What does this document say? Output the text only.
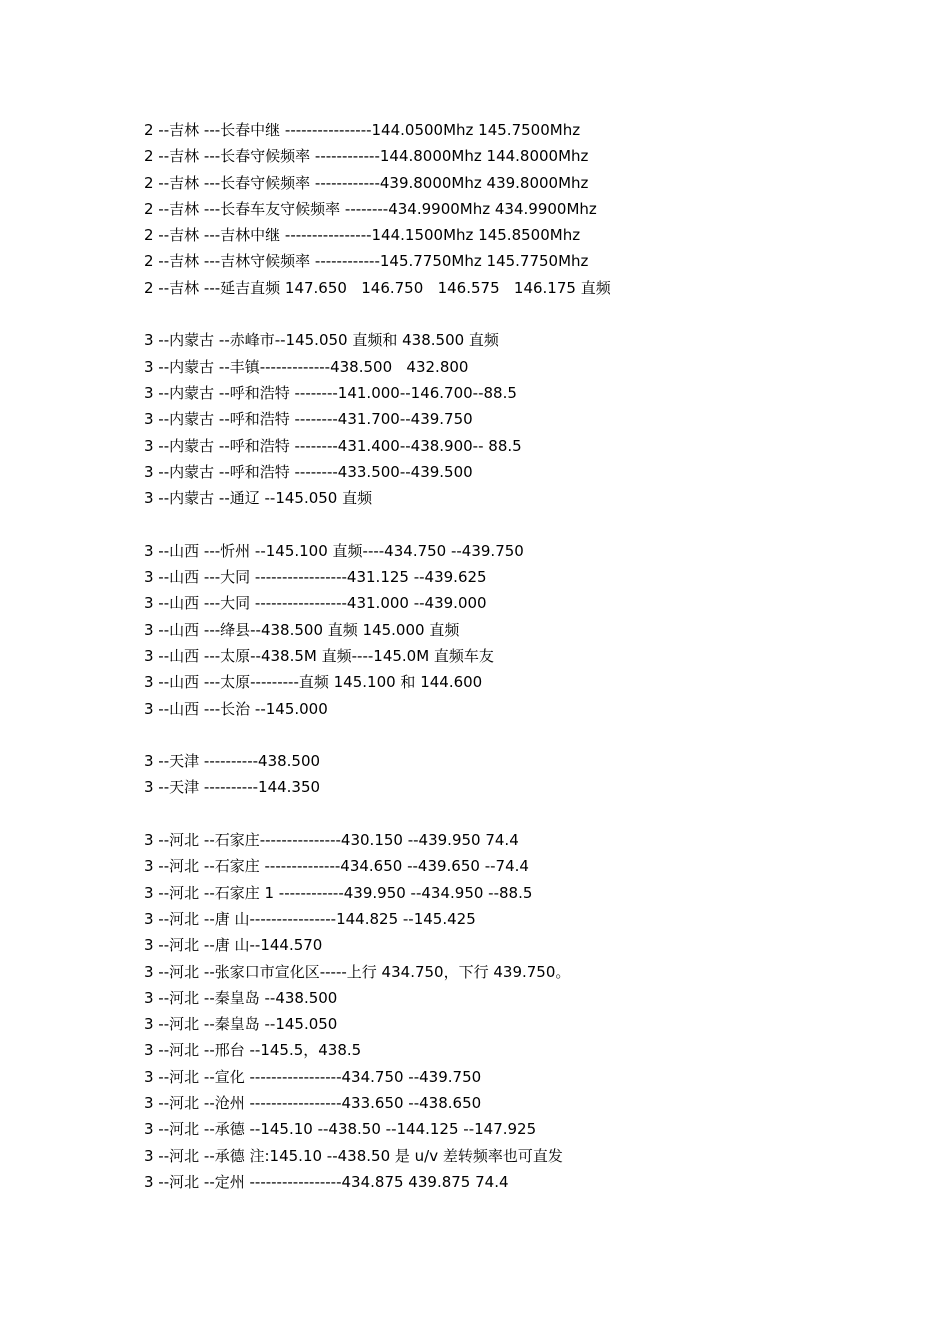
2 --吉林 ---长春中继 ----------------144.0500Mhz 145.7500Mhz
2 --吉林 ---长春守候频率 ------------144.8000Mhz 144.8000Mhz
2 --吉林 ---长春守候频率 ------------439.8000Mhz 439.8000Mhz
2 --吉林 ---长春车友守候频率 --------434.9900Mhz 434.9900Mhz
2 --吉林 ---吉林中继 ----------------144.1500Mhz 145.8500Mhz
2 --吉林 ---吉林守候频率 ------------145.7750Mhz 145.7750Mhz
2 --吉林 ---延吉直频 147.650   146.750   146.575   146.175 直频
3 --内蒙古 --赤峰市--145.050 直频和 438.500 直频
3 --内蒙古 --丰镇-------------438.500   432.800
3 --内蒙古 --呼和浩特 --------141.000--146.700--88.5
3 --内蒙古 --呼和浩特 --------431.700--439.750
3 --内蒙古 --呼和浩特 --------431.400--438.900-- 88.5
3 --内蒙古 --呼和浩特 --------433.500--439.500
3 --内蒙古 --通辽 --145.050 直频
3 --山西 ---忻州 --145.100 直频----434.750 --439.750
3 --山西 ---大同 -----------------431.125 --439.625
3 --山西 ---大同 -----------------431.000 --439.000
3 --山西 ---绛县--438.500 直频 145.000 直频
3 --山西 ---太原--438.5M 直频----145.0M 直频车友
3 --山西 ---太原---------直频 145.100 和 144.600
3 --山西 ---长治 --145.000
3 --天津 ----------438.500
3 --天津 ----------144.350
3 --河北 --石家庄---------------430.150 --439.950 74.4
3 --河北 --石家庄 --------------434.650 --439.650 --74.4
3 --河北 --石家庄 1 ------------439.950 --434.950 --88.5
3 --河北 --唐 山----------------144.825 --145.425
3 --河北 --唐 山--144.570
3 --河北 --张家口市宣化区-----上行 434.750，下行 439.750。
3 --河北 --秦皇岛 --438.500
3 --河北 --秦皇岛 --145.050
3 --河北 --邢台 --145.5，438.5
3 --河北 --宣化 -----------------434.750 --439.750
3 --河北 --沧州 -----------------433.650 --438.650
3 --河北 --承德 --145.10 --438.50 --144.125 --147.925
3 --河北 --承德 注:145.10 --438.50 是 u/v 差转频率也可直发
3 --河北 --定州 -----------------434.875 439.875 74.4
